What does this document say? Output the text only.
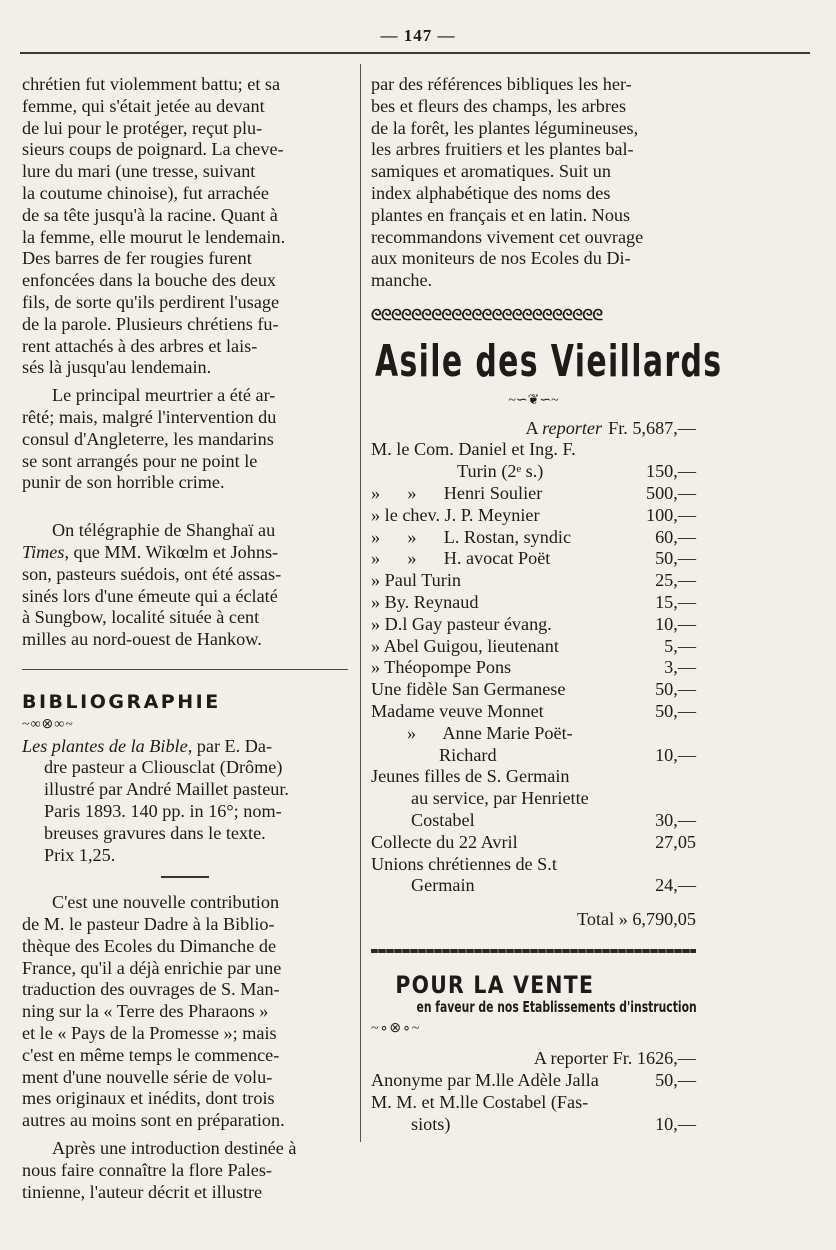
— 147 —

chrétien fut violemment battu; et sa

femme, qui s'était jetée au devant

de lui pour le protéger, reçut plu-

sieurs coups de poignard. La cheve-

lure du mari (une tresse, suivant

la coutume chinoise), fut arrachée

de sa tête jusqu'à la racine. Quant à

la femme, elle mourut le lendemain.

Des barres de fer rougies furent

enfoncées dans la bouche des deux

fils, de sorte qu'ils perdirent l'usage

de la parole. Plusieurs chrétiens fu-

rent attachés à des arbres et lais-

sés là jusqu'au lendemain.

Le principal meurtrier a été ar-

rêté; mais, malgré l'intervention du

consul d'Angleterre, les mandarins

se sont arrangés pour ne point le

punir de son horrible crime.

On télégraphie de Shanghaï au

Times, que MM. Wikœlm et Johns-

son, pasteurs suédois, ont été assas-

sinés lors d'une émeute qui a éclaté

à Sungbow, localité située à cent

milles au nord-ouest de Hankow.

BIBLIOGRAPHIE

~∞⊗∞~

Les plantes de la Bible, par E. Da-

dre pasteur a Cliousclat (Drôme)

illustré par André Maillet pasteur.

Paris 1893. 140 pp. in 16°; nom-

breuses gravures dans le texte.

Prix 1,25.

C'est une nouvelle contribution

de M. le pasteur Dadre à la Biblio-

thèque des Ecoles du Dimanche de

France, qu'il a déjà enrichie par une

traduction des ouvrages de S. Man-

ning sur la « Terre des Pharaons »

et le « Pays de la Promesse »; mais

c'est en même temps le commence-

ment d'une nouvelle série de volu-

mes originaux et inédits, dont trois

autres au moins sont en préparation.

Après une introduction destinée à

nous faire connaître la flore Pales-

tinienne, l'auteur décrit et illustre

par des références bibliques les her-

bes et fleurs des champs, les arbres

de la forêt, les plantes légumineuses,

les arbres fruitiers et les plantes bal-

samiques et aromatiques. Suit un

index alphabétique des noms des

plantes en français et en latin. Nous

recommandons vivement cet ouvrage

aux moniteurs de nos Ecoles du Di-

manche.

ᘓᘓᘓᘓᘓᘓᘓᘓᘓᘓᘓᘓᘓᘓᘓᘓᘓᘓᘓᘓᘓᘓᘓ
Asile des Vieillards
~∽❦∽~
A reporter Fr. 5,687,—
M. le Com. Daniel et Ing. F.
Turin (2ᵉ s.)	150,—
»      »      Henri Soulier	500,—
» le chev. J. P. Meynier	100,—
»      »      L. Rostan, syndic	60,—
»      »      H. avocat Poët	50,—
» Paul Turin	25,—
» By. Reynaud	15,—
» D.l Gay pasteur évang.	10,—
» Abel Guigou, lieutenant	5,—
» Théopompe Pons	3,—
Une fidèle San Germanese	50,—
Madame veuve Monnet	50,—
»      Anne Marie Poët-
Richard	10,—
Jeunes filles de S. Germain
au service, par Henriette
Costabel	30,—
Collecte du 22 Avril	27,05
Unions chrétiennes de S.t
Germain	24,—

Total » 6,790,05

POUR LA VENTE

en faveur de nos Etablissements d'instruction

~∘⊗∘~

A reporter Fr. 1626,—

Anonyme par M.lle Adèle Jalla	50,—
M. M. et M.lle Costabel (Fas-
siots)	10,—
